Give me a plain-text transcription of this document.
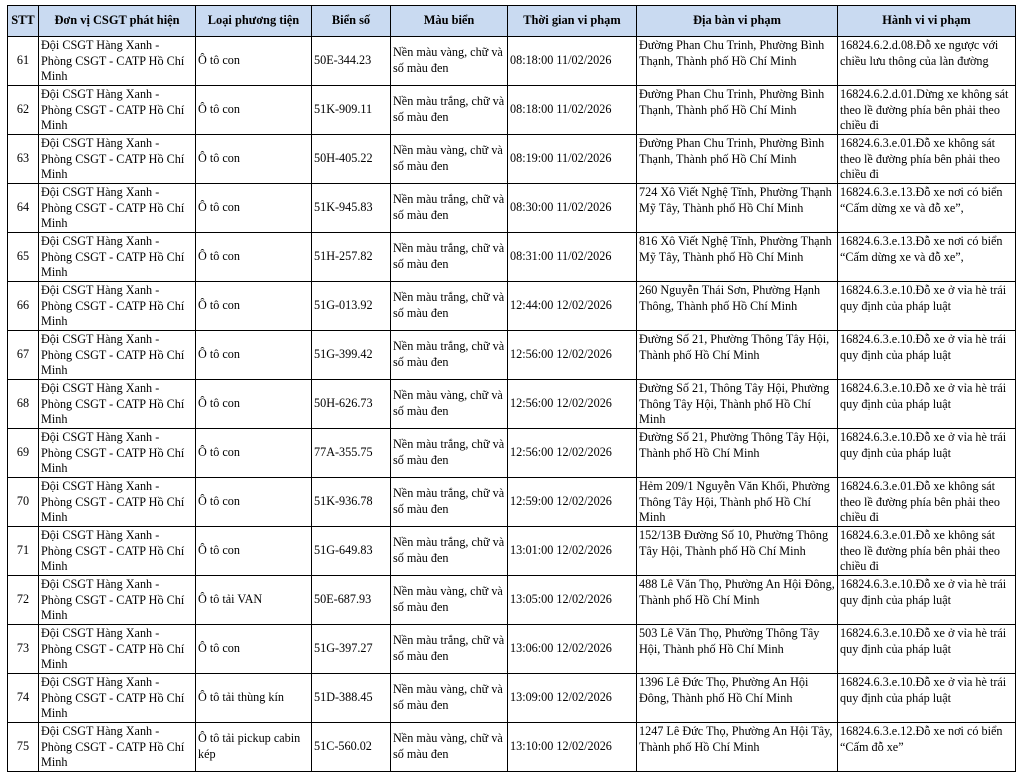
STT	Đơn vị CSGT phát hiện	Loại phương tiện	Biển số	Màu biển	Thời gian vi phạm	Địa bàn vi phạm	Hành vi vi phạm

61	Đội CSGT Hàng Xanh - Phòng CSGT - CATP Hồ Chí Minh	Ô tô con	50E-344.23	Nền màu vàng, chữ và số màu đen	08:18:00 11/02/2026	Đường Phan Chu Trinh, Phường Bình Thạnh, Thành phố Hồ Chí Minh	16824.6.2.d.08.Đỗ xe ngược với chiều lưu thông của làn đường

62	Đội CSGT Hàng Xanh - Phòng CSGT - CATP Hồ Chí Minh	Ô tô con	51K-909.11	Nền màu trắng, chữ và số màu đen	08:18:00 11/02/2026	Đường Phan Chu Trinh, Phường Bình Thạnh, Thành phố Hồ Chí Minh	16824.6.2.d.01.Dừng xe không sát theo lề đường phía bên phải theo chiều đi

63	Đội CSGT Hàng Xanh - Phòng CSGT - CATP Hồ Chí Minh	Ô tô con	50H-405.22	Nền màu vàng, chữ và số màu đen	08:19:00 11/02/2026	Đường Phan Chu Trinh, Phường Bình Thạnh, Thành phố Hồ Chí Minh	16824.6.3.e.01.Đỗ xe không sát theo lề đường phía bên phải theo chiều đi

64	Đội CSGT Hàng Xanh - Phòng CSGT - CATP Hồ Chí Minh	Ô tô con	51K-945.83	Nền màu trắng, chữ và số màu đen	08:30:00 11/02/2026	724 Xô Viết Nghệ Tĩnh, Phường Thạnh Mỹ Tây, Thành phố Hồ Chí Minh	16824.6.3.e.13.Đỗ xe nơi có biển “Cấm dừng xe và đỗ xe”,

65	Đội CSGT Hàng Xanh - Phòng CSGT - CATP Hồ Chí Minh	Ô tô con	51H-257.82	Nền màu trắng, chữ và số màu đen	08:31:00 11/02/2026	816 Xô Viết Nghệ Tĩnh, Phường Thạnh Mỹ Tây, Thành phố Hồ Chí Minh	16824.6.3.e.13.Đỗ xe nơi có biển “Cấm dừng xe và đỗ xe”,

66	Đội CSGT Hàng Xanh - Phòng CSGT - CATP Hồ Chí Minh	Ô tô con	51G-013.92	Nền màu trắng, chữ và số màu đen	12:44:00 12/02/2026	260 Nguyễn Thái Sơn, Phường Hạnh Thông, Thành phố Hồ Chí Minh	16824.6.3.e.10.Đỗ xe ở vỉa hè trái quy định của pháp luật

67	Đội CSGT Hàng Xanh - Phòng CSGT - CATP Hồ Chí Minh	Ô tô con	51G-399.42	Nền màu trắng, chữ và số màu đen	12:56:00 12/02/2026	Đường Số 21, Phường Thông Tây Hội, Thành phố Hồ Chí Minh	16824.6.3.e.10.Đỗ xe ở vỉa hè trái quy định của pháp luật

68	Đội CSGT Hàng Xanh - Phòng CSGT - CATP Hồ Chí Minh	Ô tô con	50H-626.73	Nền màu vàng, chữ và số màu đen	12:56:00 12/02/2026	Đường Số 21, Thông Tây Hội, Phường Thông Tây Hội, Thành phố Hồ Chí Minh	16824.6.3.e.10.Đỗ xe ở vỉa hè trái quy định của pháp luật

69	Đội CSGT Hàng Xanh - Phòng CSGT - CATP Hồ Chí Minh	Ô tô con	77A-355.75	Nền màu trắng, chữ và số màu đen	12:56:00 12/02/2026	Đường Số 21, Phường Thông Tây Hội, Thành phố Hồ Chí Minh	16824.6.3.e.10.Đỗ xe ở vỉa hè trái quy định của pháp luật

70	Đội CSGT Hàng Xanh - Phòng CSGT - CATP Hồ Chí Minh	Ô tô con	51K-936.78	Nền màu trắng, chữ và số màu đen	12:59:00 12/02/2026	Hẻm 209/1 Nguyễn Văn Khối, Phường Thông Tây Hội, Thành phố Hồ Chí Minh	16824.6.3.e.01.Đỗ xe không sát theo lề đường phía bên phải theo chiều đi

71	Đội CSGT Hàng Xanh - Phòng CSGT - CATP Hồ Chí Minh	Ô tô con	51G-649.83	Nền màu trắng, chữ và số màu đen	13:01:00 12/02/2026	152/13B Đường Số 10, Phường Thông Tây Hội, Thành phố Hồ Chí Minh	16824.6.3.e.01.Đỗ xe không sát theo lề đường phía bên phải theo chiều đi

72	Đội CSGT Hàng Xanh - Phòng CSGT - CATP Hồ Chí Minh	Ô tô tải VAN	50E-687.93	Nền màu vàng, chữ và số màu đen	13:05:00 12/02/2026	488 Lê Văn Thọ, Phường An Hội Đông, Thành phố Hồ Chí Minh	16824.6.3.e.10.Đỗ xe ở vỉa hè trái quy định của pháp luật

73	Đội CSGT Hàng Xanh - Phòng CSGT - CATP Hồ Chí Minh	Ô tô con	51G-397.27	Nền màu trắng, chữ và số màu đen	13:06:00 12/02/2026	503 Lê Văn Thọ, Phường Thông Tây Hội, Thành phố Hồ Chí Minh	16824.6.3.e.10.Đỗ xe ở vỉa hè trái quy định của pháp luật

74	Đội CSGT Hàng Xanh - Phòng CSGT - CATP Hồ Chí Minh	Ô tô tải thùng kín	51D-388.45	Nền màu vàng, chữ và số màu đen	13:09:00 12/02/2026	1396 Lê Đức Thọ, Phường An Hội Đông, Thành phố Hồ Chí Minh	16824.6.3.e.10.Đỗ xe ở vỉa hè trái quy định của pháp luật

75	Đội CSGT Hàng Xanh - Phòng CSGT - CATP Hồ Chí Minh	Ô tô tải pickup cabin kép	51C-560.02	Nền màu vàng, chữ và số màu đen	13:10:00 12/02/2026	1247 Lê Đức Thọ, Phường An Hội Tây, Thành phố Hồ Chí Minh	16824.6.3.e.12.Đỗ xe nơi có biển “Cấm đỗ xe”
